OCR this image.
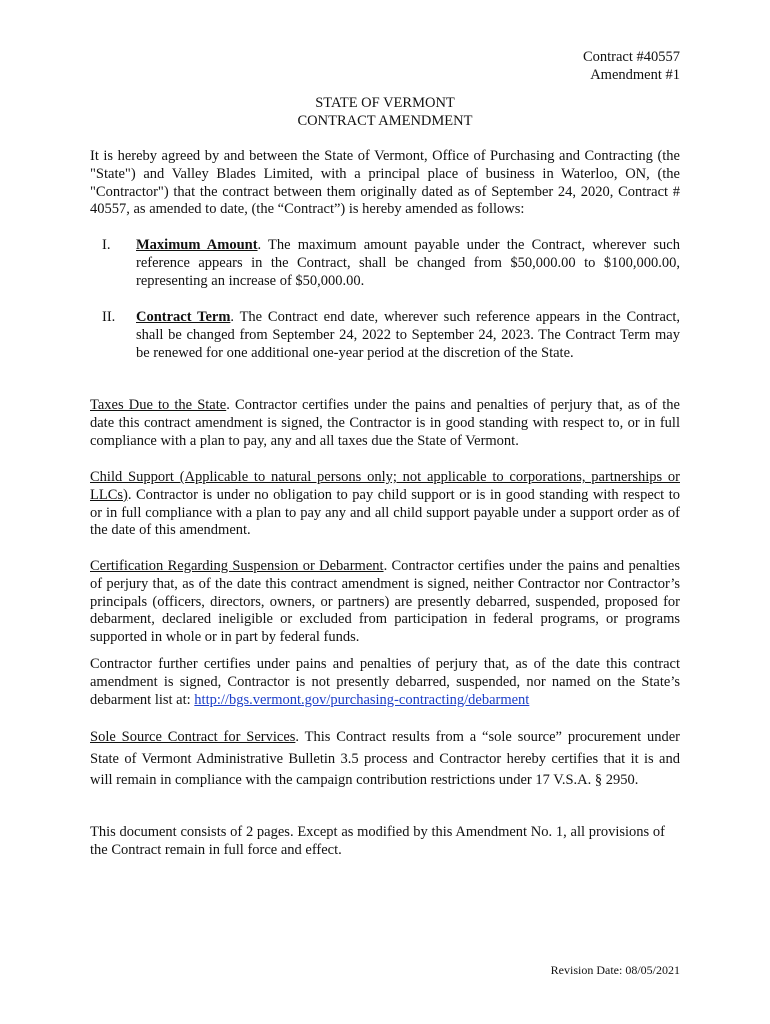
Contract #40557
Amendment #1
STATE OF VERMONT
CONTRACT AMENDMENT

It is hereby agreed by and between the State of Vermont, Office of Purchasing and Contracting (the "State") and Valley Blades Limited, with a principal place of business in Waterloo, ON, (the "Contractor") that the contract between them originally dated as of September 24, 2020, Contract # 40557, as amended to date, (the “Contract”) is hereby amended as follows:

I.	Maximum Amount. The maximum amount payable under the Contract, wherever such reference appears in the Contract, shall be changed from $50,000.00 to $100,000.00, representing an increase of $50,000.00.
II.	Contract Term. The Contract end date, wherever such reference appears in the Contract, shall be changed from September 24, 2022 to September 24, 2023. The Contract Term may be renewed for one additional one-year period at the discretion of the State.

Taxes Due to the State. Contractor certifies under the pains and penalties of perjury that, as of the date this contract amendment is signed, the Contractor is in good standing with respect to, or in full compliance with a plan to pay, any and all taxes due the State of Vermont.

Child Support (Applicable to natural persons only; not applicable to corporations, partnerships or LLCs). Contractor is under no obligation to pay child support or is in good standing with respect to or in full compliance with a plan to pay any and all child support payable under a support order as of the date of this amendment.

Certification Regarding Suspension or Debarment. Contractor certifies under the pains and penalties of perjury that, as of the date this contract amendment is signed, neither Contractor nor Contractor’s principals (officers, directors, owners, or partners) are presently debarred, suspended, proposed for debarment, declared ineligible or excluded from participation in federal programs, or programs supported in whole or in part by federal funds.

Contractor further certifies under pains and penalties of perjury that, as of the date this contract amendment is signed, Contractor is not presently debarred, suspended, nor named on the State’s debarment list at: http://bgs.vermont.gov/purchasing-contracting/debarment

Sole Source Contract for Services. This Contract results from a “sole source” procurement under State of Vermont Administrative Bulletin 3.5 process and Contractor hereby certifies that it is and will remain in compliance with the campaign contribution restrictions under 17 V.S.A. § 2950.

This document consists of 2 pages. Except as modified by this Amendment No. 1, all provisions of the Contract remain in full force and effect.

Revision Date: 08/05/2021
